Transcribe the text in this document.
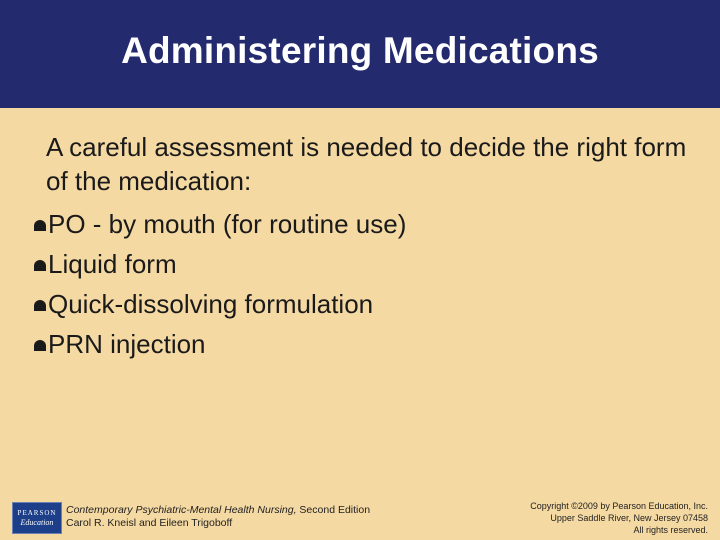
Administering Medications
A careful assessment is needed to decide the right form of the medication:
PO - by mouth (for routine use)
Liquid form
Quick-dissolving formulation
PRN injection
PEARSON
Education
Contemporary Psychiatric-Mental Health Nursing, Second Edition
Carol R. Kneisl and Eileen Trigoboff
Copyright ©2009 by Pearson Education, Inc.
Upper Saddle River, New Jersey 07458
All rights reserved.
